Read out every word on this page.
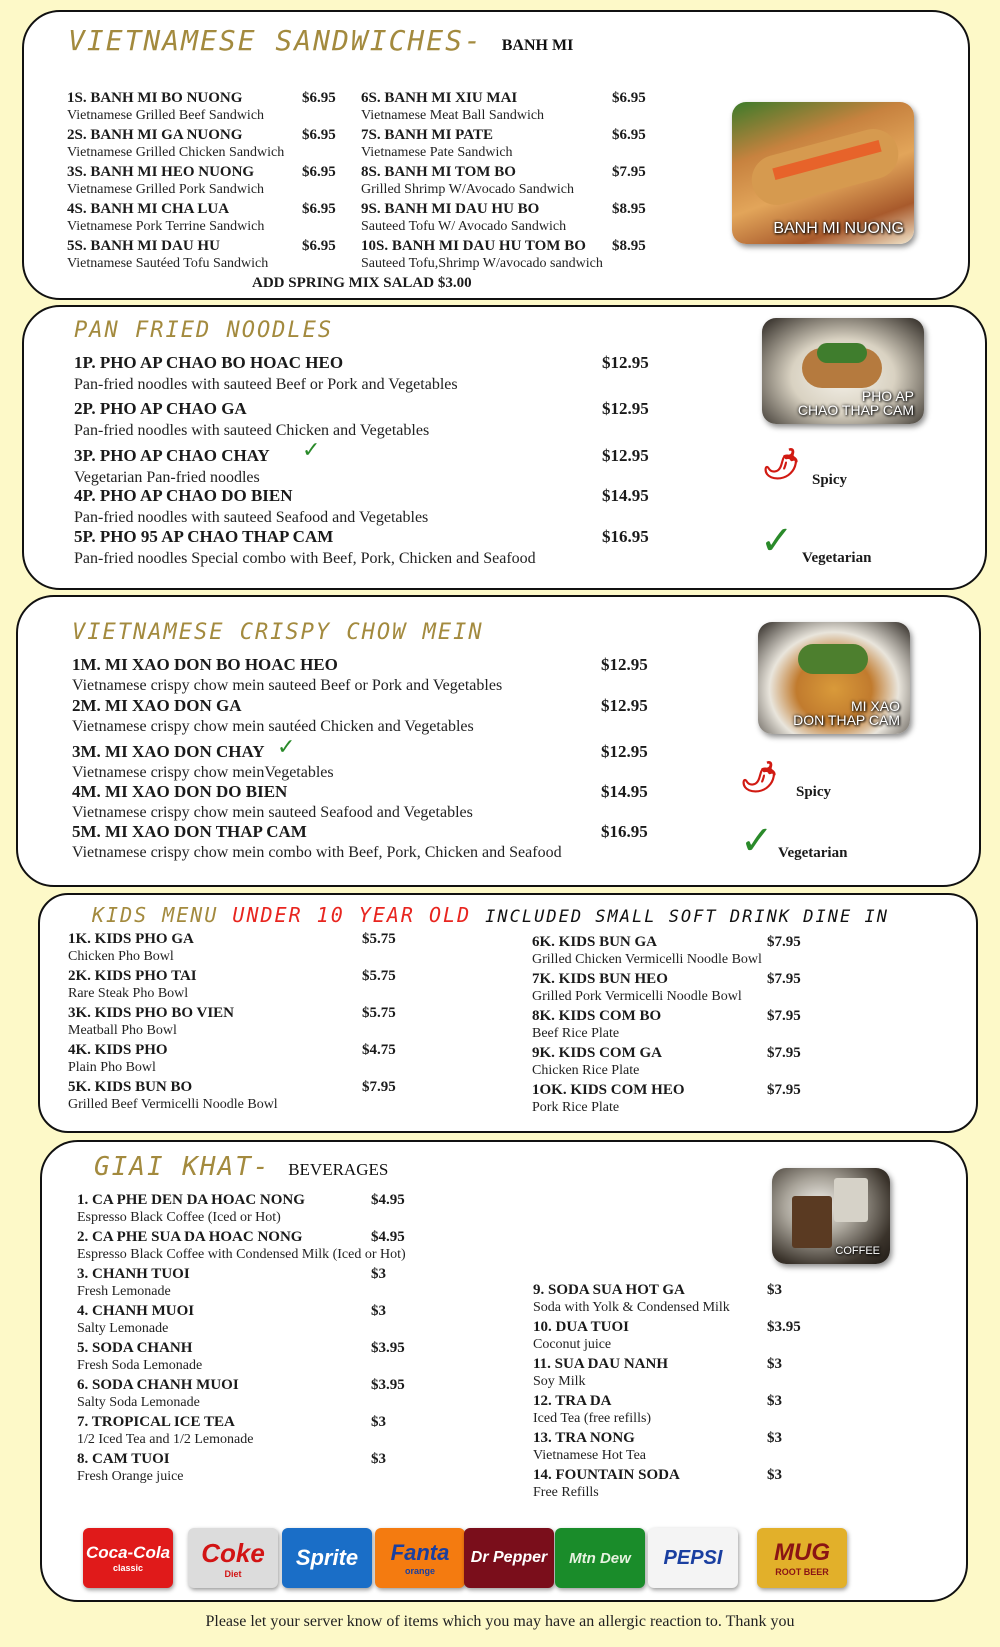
VIETNAMESE SANDWICHES- BANH MI
1S. BANH MI BO NUONG	$6.95
Vietnamese Grilled Beef Sandwich
2S. BANH MI GA NUONG	$6.95
Vietnamese Grilled Chicken Sandwich
3S. BANH MI HEO NUONG	$6.95
Vietnamese Grilled Pork Sandwich
4S. BANH MI CHA LUA	$6.95
Vietnamese Pork Terrine Sandwich
5S. BANH MI DAU HU	$6.95
Vietnamese Sautéed Tofu Sandwich
6S. BANH MI XIU MAI	$6.95
Vietnamese Meat Ball Sandwich
7S. BANH MI PATE	$6.95
Vietnamese Pate Sandwich
8S. BANH MI TOM BO	$7.95
Grilled Shrimp W/Avocado Sandwich
9S. BANH MI DAU HU BO	$8.95
Sauteed Tofu W/ Avocado Sandwich
10S. BANH MI DAU HU TOM BO $8.95
Sauteed Tofu,Shrimp W/avocado sandwich
ADD SPRING MIX SALAD $3.00
BANH MI NUONG
PAN FRIED NOODLES
1P. PHO AP CHAO BO HOAC HEO	$12.95
Pan-fried noodles with sauteed Beef or Pork and Vegetables
2P. PHO AP CHAO GA	$12.95
Pan-fried noodles with sauteed Chicken and Vegetables
3P. PHO AP CHAO CHAY	$12.95
Vegetarian Pan-fried noodles
4P. PHO AP CHAO DO BIEN	$14.95
Pan-fried noodles with sauteed Seafood and Vegetables
5P. PHO 95 AP CHAO THAP CAM	$16.95
Pan-fried noodles Special combo with Beef, Pork, Chicken and Seafood
✓
PHO AP
CHAO THAP CAM
🌶 Spicy
✓ Vegetarian
VIETNAMESE CRISPY CHOW MEIN
1M. MI XAO DON BO HOAC HEO	$12.95
Vietnamese crispy chow mein sauteed Beef or Pork and Vegetables
2M. MI XAO DON GA	$12.95
Vietnamese crispy chow mein sautéed Chicken and Vegetables
3M. MI XAO DON CHAY	$12.95
Vietnamese crispy chow meinVegetables
4M. MI XAO DON DO BIEN	$14.95
Vietnamese crispy chow mein sauteed Seafood and Vegetables
5M. MI XAO DON THAP CAM	$16.95
Vietnamese crispy chow mein combo with Beef, Pork, Chicken and Seafood
✓
MI XAO
DON THAP CAM
🌶 Spicy
✓ Vegetarian
KIDS MENU UNDER 10 YEAR OLD INCLUDED SMALL SOFT DRINK DINE IN
1K. KIDS PHO GA	$5.75
Chicken Pho Bowl
2K. KIDS PHO TAI	$5.75
Rare Steak Pho Bowl
3K. KIDS PHO BO VIEN	$5.75
Meatball Pho Bowl
4K. KIDS PHO	$4.75
Plain Pho Bowl
5K. KIDS BUN BO	$7.95
Grilled Beef Vermicelli Noodle Bowl
6K. KIDS BUN GA	$7.95
Grilled Chicken Vermicelli Noodle Bowl
7K. KIDS BUN HEO	$7.95
Grilled Pork Vermicelli Noodle Bowl
8K. KIDS COM BO	$7.95
Beef Rice Plate
9K. KIDS COM GA	$7.95
Chicken Rice Plate
1OK. KIDS COM HEO	$7.95
Pork Rice Plate
GIAI KHAT- BEVERAGES
1. CA PHE DEN DA HOAC NONG	$4.95
Espresso Black Coffee (Iced or Hot)
2. CA PHE SUA DA HOAC NONG	$4.95
Espresso Black Coffee with Condensed Milk (Iced or Hot)
3. CHANH TUOI	$3
Fresh Lemonade
4. CHANH MUOI	$3
Salty Lemonade
5. SODA CHANH	$3.95
Fresh Soda Lemonade
6. SODA CHANH MUOI	$3.95
Salty Soda Lemonade
7. TROPICAL ICE TEA	$3
1/2 Iced Tea and 1/2 Lemonade
8. CAM TUOI	$3
Fresh Orange juice
9. SODA SUA HOT GA	$3
Soda with Yolk & Condensed Milk
10. DUA TUOI	$3.95
Coconut juice
11. SUA DAU NANH	$3
Soy Milk
12. TRA DA	$3
Iced Tea (free refills)
13. TRA NONG	$3
Vietnamese Hot Tea
14. FOUNTAIN SODA	$3
Free Refills
COFFEE
Coca-Cola
classic
Coke
Diet
Sprite Fanta
orange
Dr Pepper Mtn Dew PEPSI MUG
ROOT BEER
Please let your server know of items which you may have an allergic reaction to. Thank you
